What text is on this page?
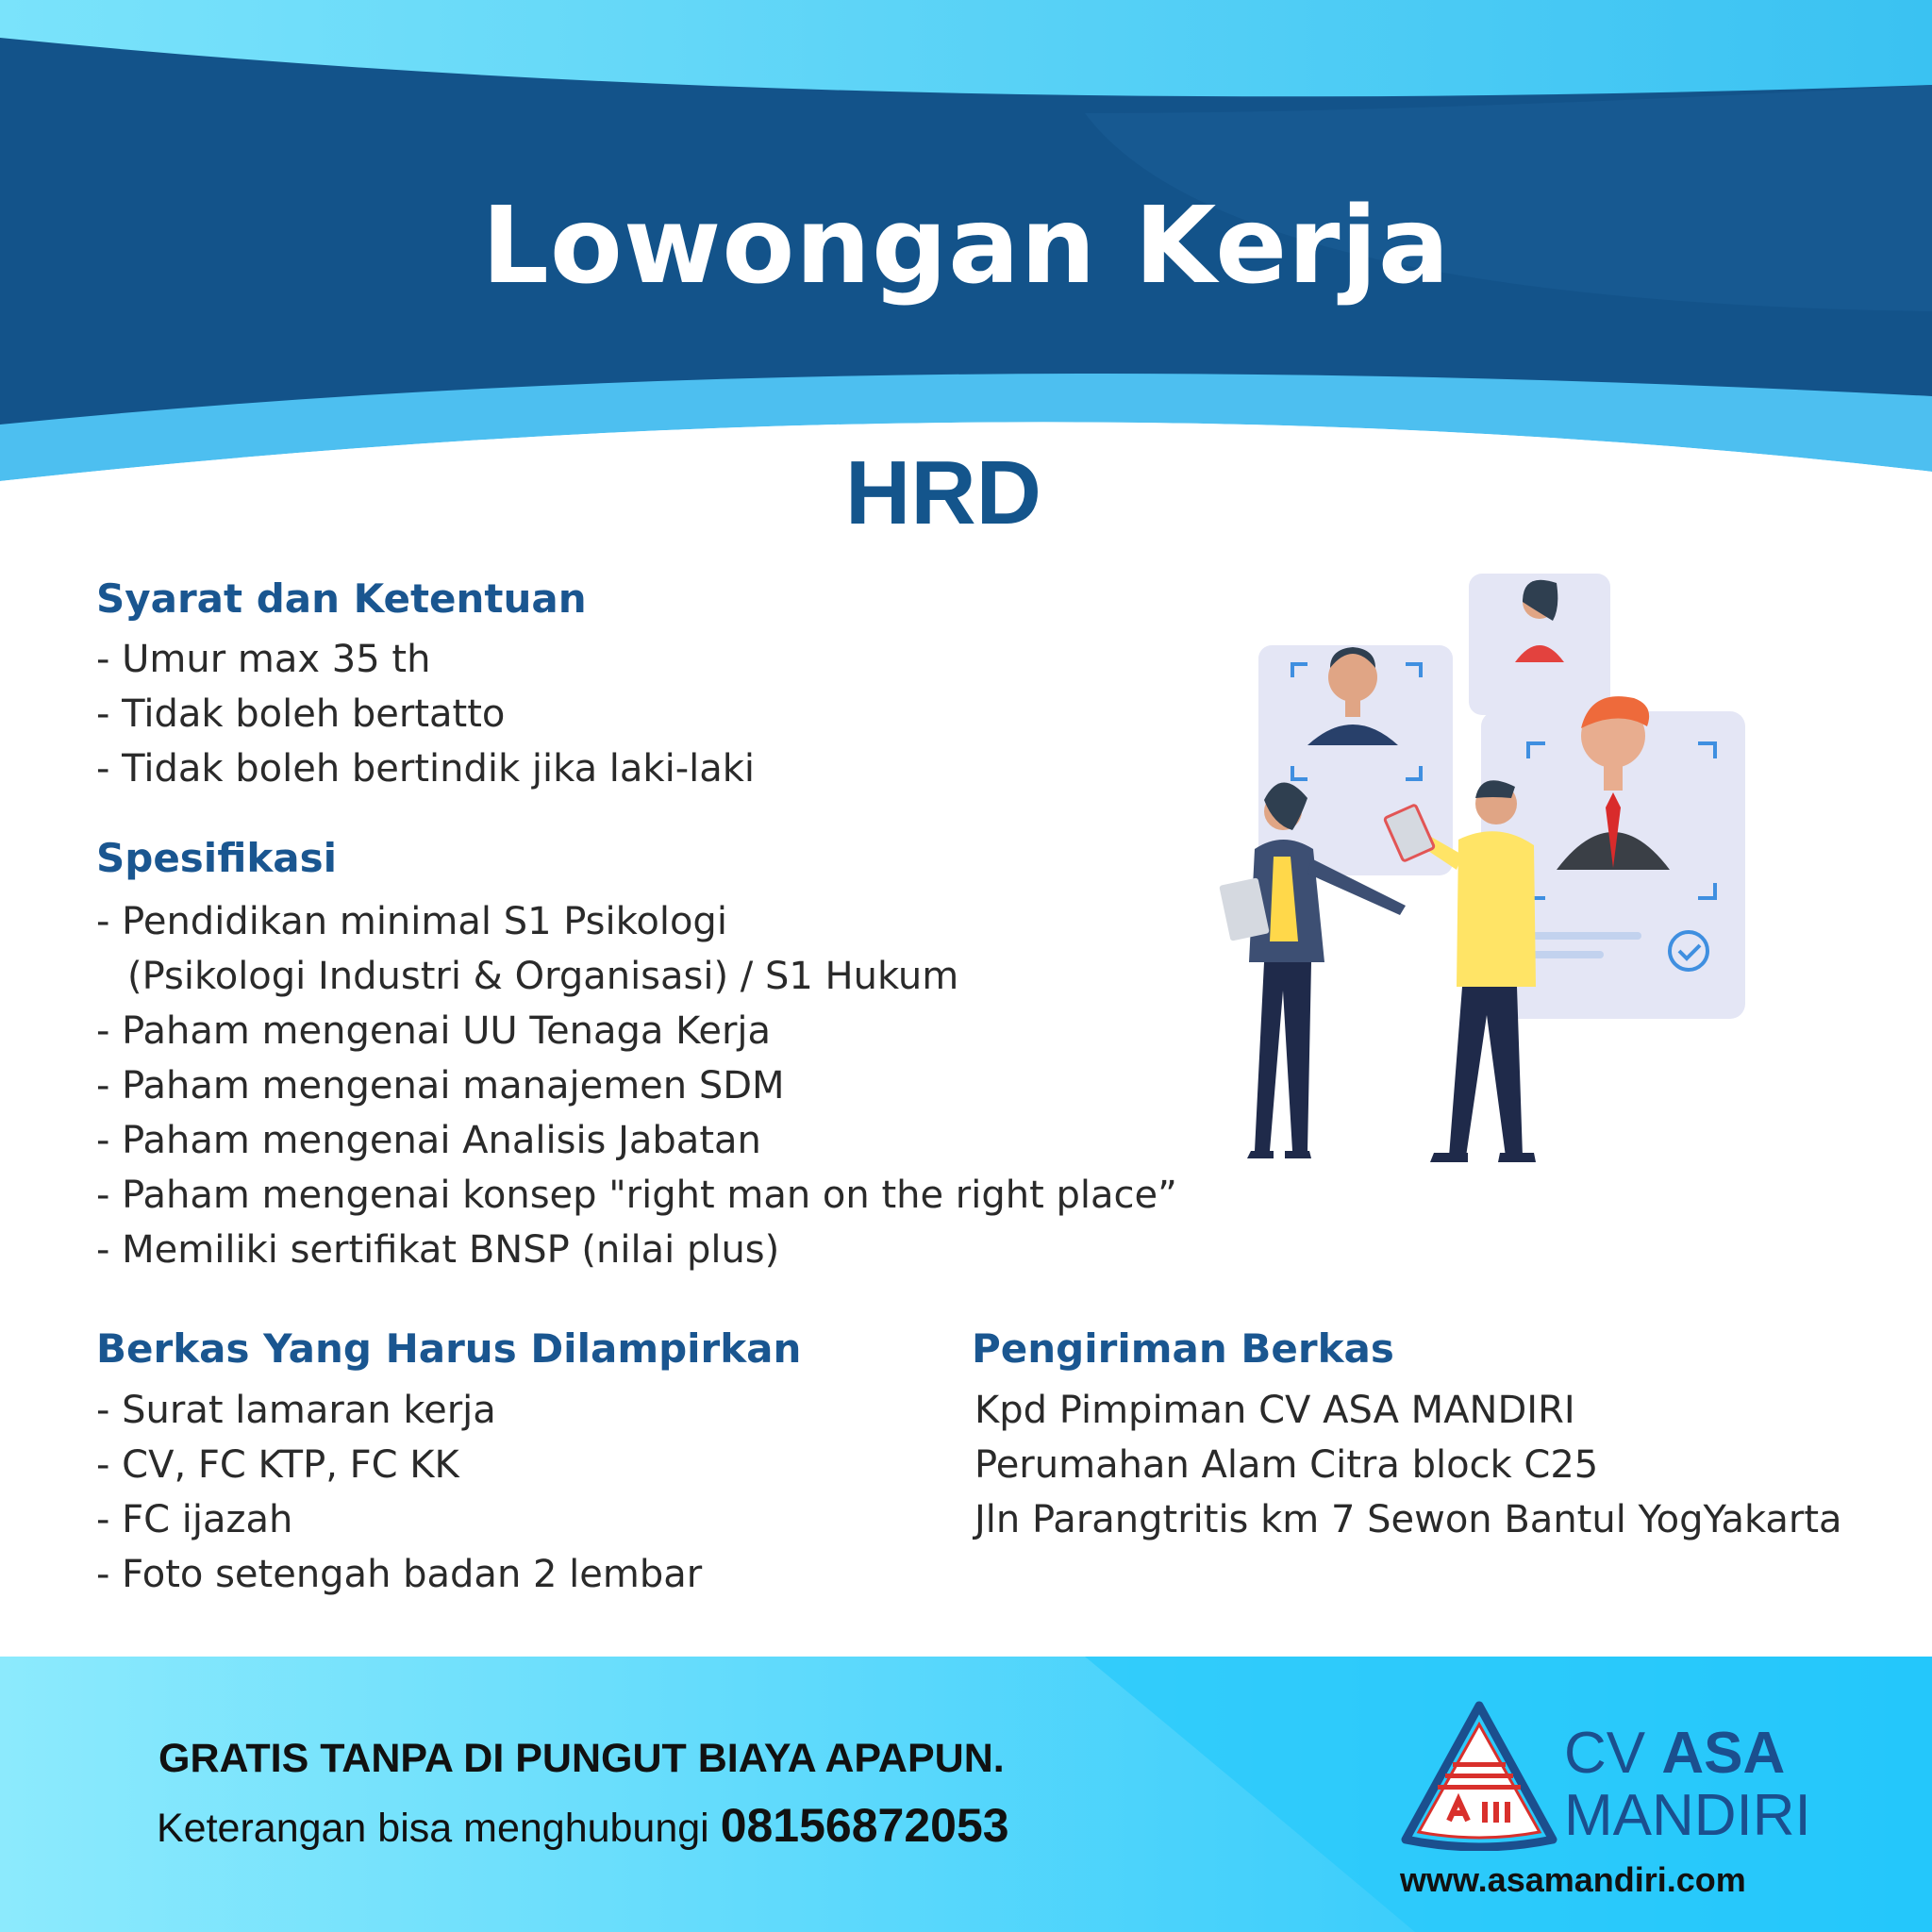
Lowongan Kerja
HRD
Syarat dan Ketentuan
- Umur max 35 th
- Tidak boleh bertatto
- Tidak boleh bertindik jika laki-laki
Spesifikasi
- Pendidikan minimal S1 Psikologi
(Psikologi Industri & Organisasi) / S1 Hukum
- Paham mengenai UU Tenaga Kerja
- Paham mengenai manajemen SDM
- Paham mengenai Analisis Jabatan
- Paham mengenai konsep "right man on the right place”
- Memiliki sertifikat BNSP (nilai plus)
Berkas Yang Harus Dilampirkan
- Surat lamaran kerja
- CV, FC KTP, FC KK
- FC ijazah
- Foto setengah badan 2 lembar
Pengiriman Berkas
Kpd Pimpiman CV ASA MANDIRI
Perumahan Alam Citra block C25
Jln Parangtritis km 7 Sewon Bantul YogYakarta
GRATIS TANPA DI PUNGUT BIAYA APAPUN.
Keterangan bisa menghubungi 08156872053
CV ASA
MANDIRI
www.asamandiri.com
